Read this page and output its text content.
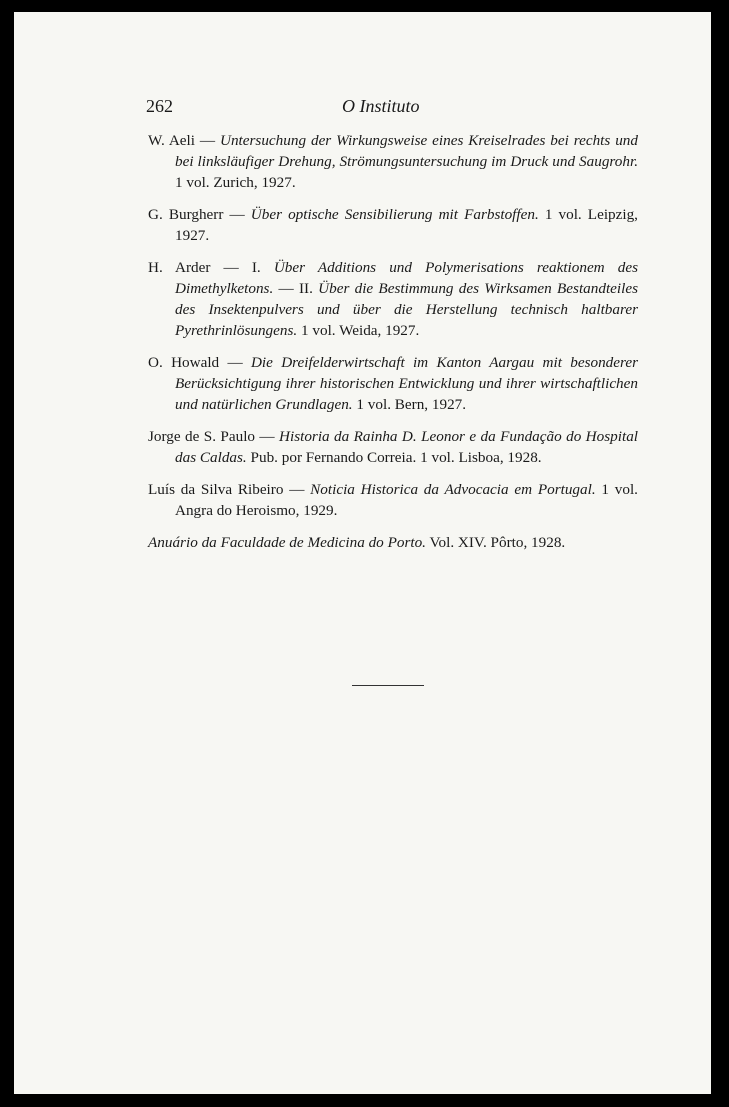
262	O Instituto

W. Aeli — Untersuchung der Wirkungsweise eines Kreiselrades bei rechts und bei linksläufiger Drehung, Strömungsuntersuchung im Druck und Saugrohr. 1 vol. Zurich, 1927.

G. Burgherr — Über optische Sensibilierung mit Farbstoffen. 1 vol. Leipzig, 1927.

H. Arder — I. Über Additions und Polymerisations reaktionem des Dimethylketons. — II. Über die Bestimmung des Wirksamen Bestandteiles des Insektenpulvers und über die Herstellung technisch haltbarer Pyrethrinlösungens. 1 vol. Weida, 1927.

O. Howald — Die Dreifelderwirtschaft im Kanton Aargau mit besonderer Berücksichtigung ihrer historischen Entwicklung und ihrer wirtschaftlichen und natürlichen Grundlagen. 1 vol. Bern, 1927.

Jorge de S. Paulo — Historia da Rainha D. Leonor e da Fundação do Hospital das Caldas. Pub. por Fernando Correia. 1 vol. Lisboa, 1928.

Luís da Silva Ribeiro — Noticia Historica da Advocacia em Portugal. 1 vol. Angra do Heroismo, 1929.

Anuário da Faculdade de Medicina do Porto. Vol. XIV. Pôrto, 1928.
